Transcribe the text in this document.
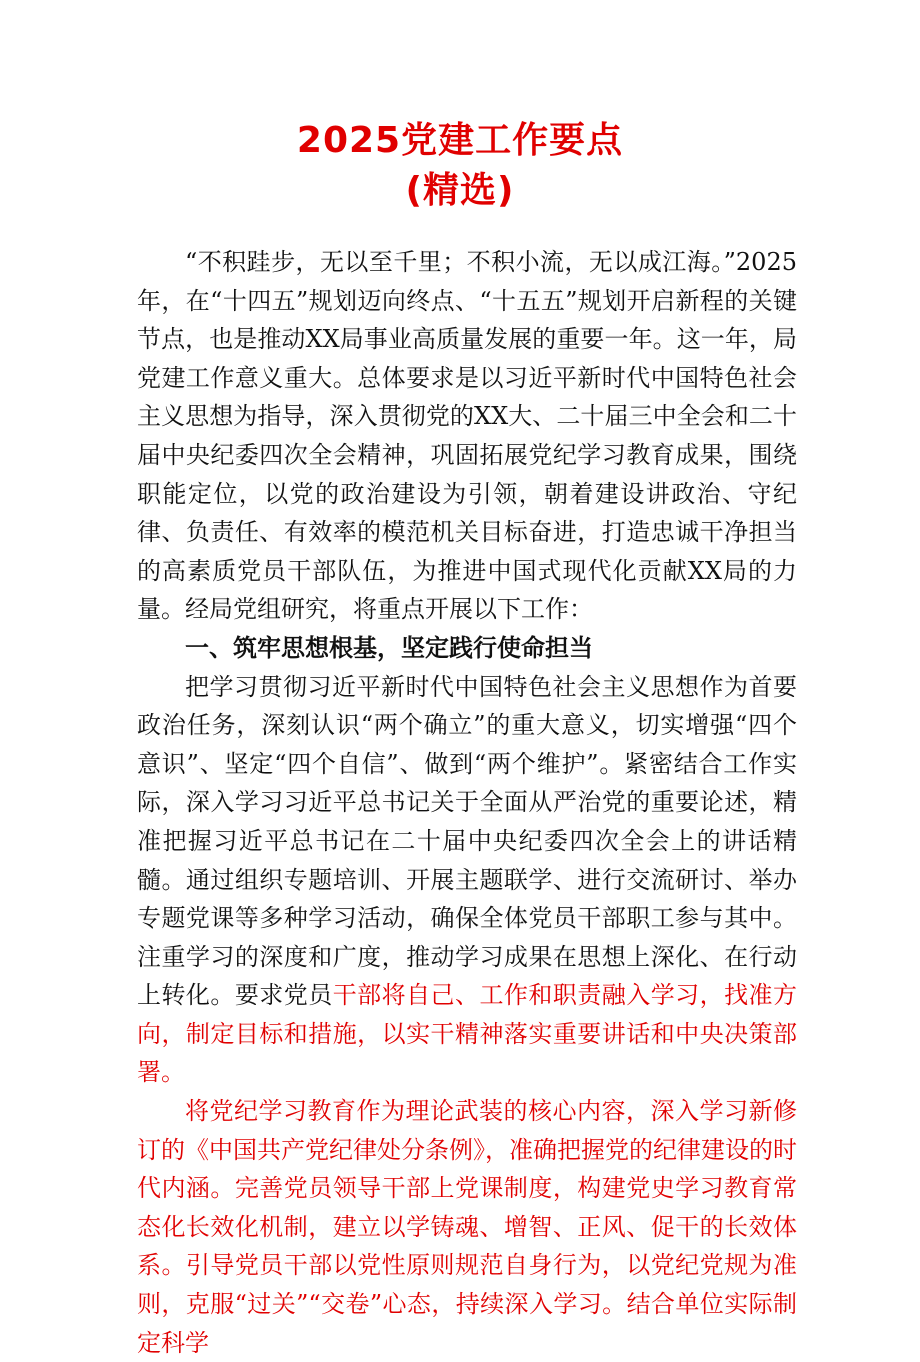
2025党建工作要点
(精选)

“不积跬步，无以至千里；不积小流，无以成江海。”2025年，在“十四五”规划迈向终点、“十五五”规划开启新程的关键节点，也是推动XX局事业高质量发展的重要一年。这一年，局党建工作意义重大。总体要求是以习近平新时代中国特色社会主义思想为指导，深入贯彻党的XX大、二十届三中全会和二十届中央纪委四次全会精神，巩固拓展党纪学习教育成果，围绕职能定位，以党的政治建设为引领，朝着建设讲政治、守纪律、负责任、有效率的模范机关目标奋进，打造忠诚干净担当的高素质党员干部队伍，为推进中国式现代化贡献XX局的力量。经局党组研究，将重点开展以下工作：

一、筑牢思想根基，坚定践行使命担当

把学习贯彻习近平新时代中国特色社会主义思想作为首要政治任务，深刻认识“两个确立”的重大意义，切实增强“四个意识”、坚定“四个自信”、做到“两个维护”。紧密结合工作实际，深入学习习近平总书记关于全面从严治党的重要论述，精准把握习近平总书记在二十届中央纪委四次全会上的讲话精髓。通过组织专题培训、开展主题联学、进行交流研讨、举办专题党课等多种学习活动，确保全体党员干部职工参与其中。注重学习的深度和广度，推动学习成果在思想上深化、在行动上转化。要求党员干部将自己、工作和职责融入学习，找准方向，制定目标和措施，以实干精神落实重要讲话和中央决策部署。

将党纪学习教育作为理论武装的核心内容，深入学习新修订的《中国共产党纪律处分条例》，准确把握党的纪律建设的时代内涵。完善党员领导干部上党课制度，构建党史学习教育常态化长效化机制，建立以学铸魂、增智、正风、促干的长效体系。引导党员干部以党性原则规范自身行为，以党纪党规为准则，克服“过关”“交卷”心态，持续深入学习。结合单位实际制定科学
